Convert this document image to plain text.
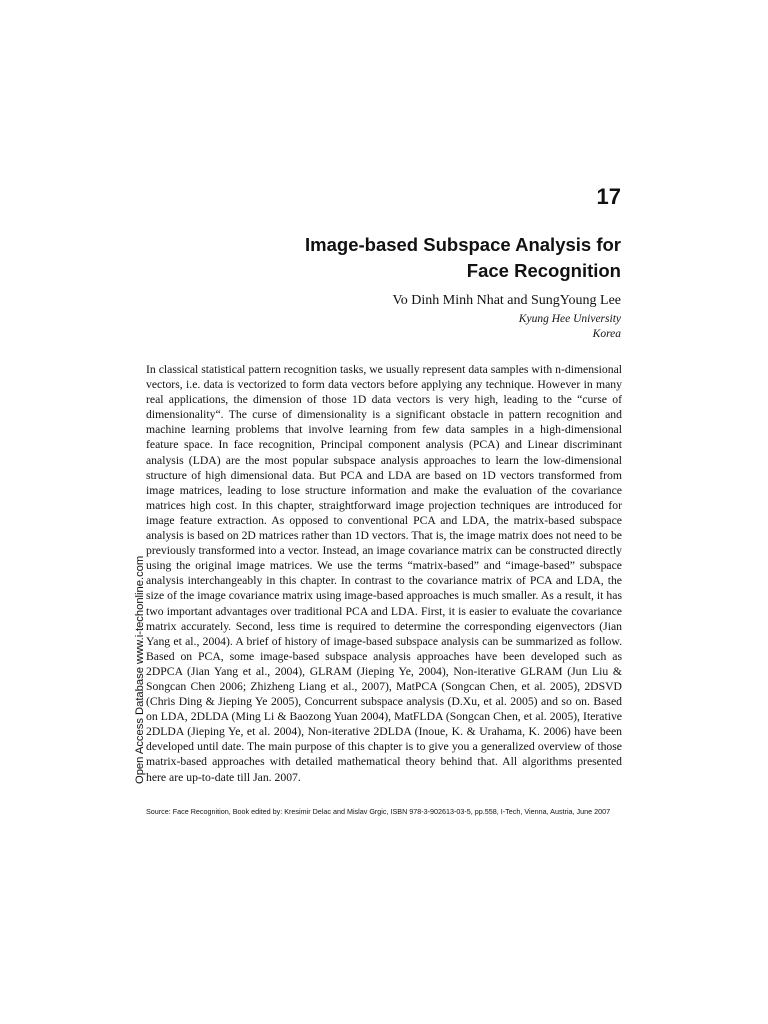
17
Image-based Subspace Analysis for
Face Recognition

Vo Dinh Minh Nhat and SungYoung Lee

Kyung Hee University
Korea

In classical statistical pattern recognition tasks, we usually represent data samples with n-dimensional vectors, i.e. data is vectorized to form data vectors before applying any technique. However in many real applications, the dimension of those 1D data vectors is very high, leading to the “curse of dimensionality“. The curse of dimensionality is a significant obstacle in pattern recognition and machine learning problems that involve learning from few data samples in a high-dimensional feature space. In face recognition, Principal component analysis (PCA) and Linear discriminant analysis (LDA) are the most popular subspace analysis approaches to learn the low-dimensional structure of high dimensional data. But PCA and LDA are based on 1D vectors transformed from image matrices, leading to lose structure information and make the evaluation of the covariance matrices high cost. In this chapter, straightforward image projection techniques are introduced for image feature extraction. As opposed to conventional PCA and LDA, the matrix-based subspace analysis is based on 2D matrices rather than 1D vectors. That is, the image matrix does not need to be previously transformed into a vector. Instead, an image covariance matrix can be constructed directly using the original image matrices. We use the terms “matrix-based” and “image-based” subspace analysis interchangeably in this chapter. In contrast to the covariance matrix of PCA and LDA, the size of the image covariance matrix using image-based approaches is much smaller. As a result, it has two important advantages over traditional PCA and LDA. First, it is easier to evaluate the covariance matrix accurately. Second, less time is required to determine the corresponding eigenvectors (Jian Yang et al., 2004). A brief of history of image-based subspace analysis can be summarized as follow. Based on PCA, some image-based subspace analysis approaches have been developed such as 2DPCA (Jian Yang et al., 2004), GLRAM (Jieping Ye, 2004), Non-iterative GLRAM (Jun Liu & Songcan Chen 2006; Zhizheng Liang et al., 2007), MatPCA (Songcan Chen, et al. 2005), 2DSVD (Chris Ding & Jieping Ye 2005), Concurrent subspace analysis (D.Xu, et al. 2005) and so on. Based on LDA, 2DLDA (Ming Li & Baozong Yuan 2004), MatFLDA (Songcan Chen, et al. 2005), Iterative 2DLDA (Jieping Ye, et al. 2004), Non-iterative 2DLDA (Inoue, K. & Urahama, K. 2006) have been developed until date. The main purpose of this chapter is to give you a generalized overview of those matrix-based approaches with detailed mathematical theory behind that. All algorithms presented here are up-to-date till Jan. 2007.

Open Access Database www.i-techonline.com

Source: Face Recognition, Book edited by: Kresimir Delac and Mislav Grgic, ISBN 978-3-902613-03-5, pp.558, I-Tech, Vienna, Austria, June 2007
